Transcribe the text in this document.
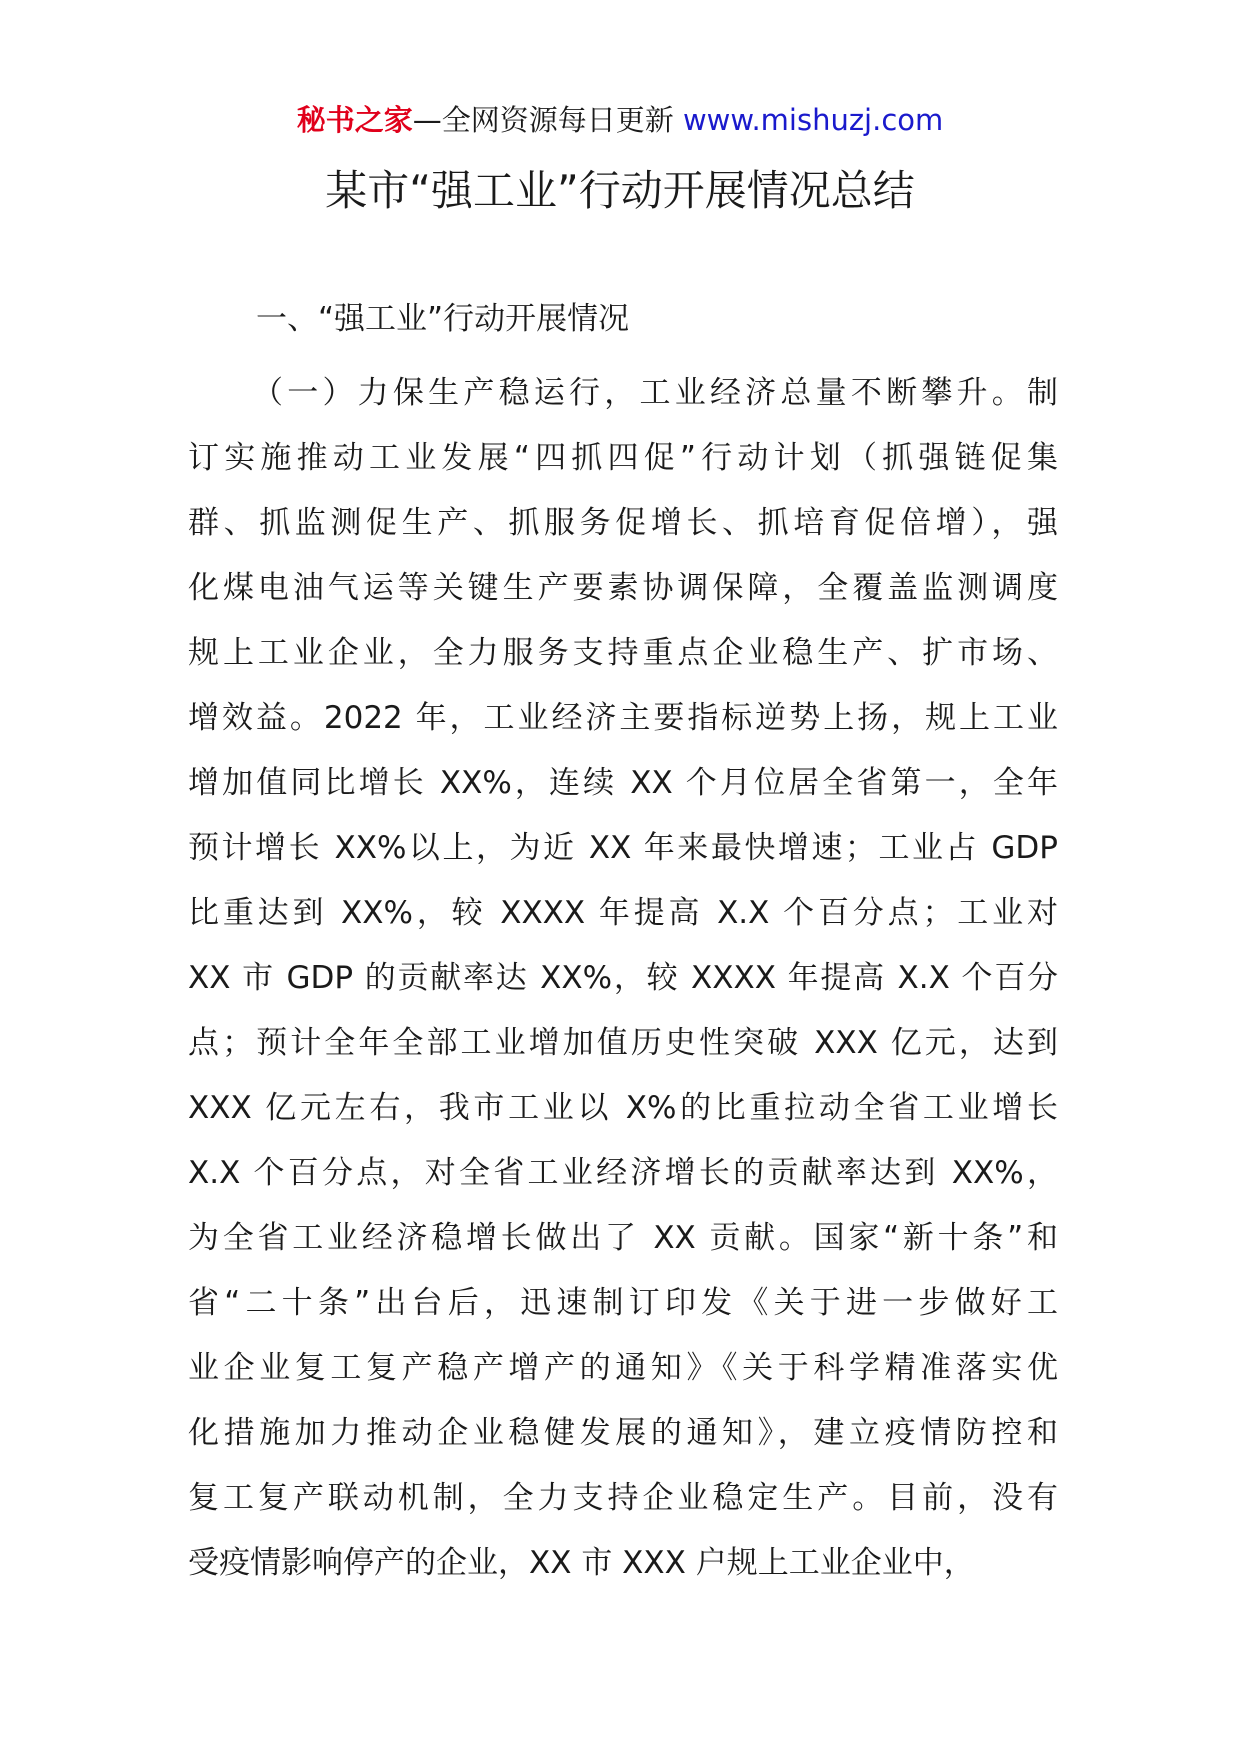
秘书之家—全网资源每日更新 www.mishuzj.com
某市“强工业”行动开展情况总结
一、“强工业”行动开展情况
（一）力保生产稳运行，工业经济总量不断攀升。制
订实施推动工业发展“四抓四促”行动计划（抓强链促集
群、抓监测促生产、抓服务促增长、抓培育促倍增），强
化煤电油气运等关键生产要素协调保障，全覆盖监测调度
规上工业企业，全力服务支持重点企业稳生产、扩市场、
增效益。2022 年，工业经济主要指标逆势上扬，规上工业
增加值同比增长 XX%，连续 XX 个月位居全省第一，全年
预计增长 XX%以上，为近 XX 年来最快增速；工业占 GDP
比重达到 XX%，较 XXXX 年提高 X.X 个百分点；工业对
XX 市 GDP 的贡献率达 XX%，较 XXXX 年提高 X.X 个百分
点；预计全年全部工业增加值历史性突破 XXX 亿元，达到
XXX 亿元左右，我市工业以 X%的比重拉动全省工业增长
X.X 个百分点，对全省工业经济增长的贡献率达到 XX%，
为全省工业经济稳增长做出了 XX 贡献。国家“新十条”和
省“二十条”出台后，迅速制订印发《关于进一步做好工
业企业复工复产稳产增产的通知》《关于科学精准落实优
化措施加力推动企业稳健发展的通知》，建立疫情防控和
复工复产联动机制，全力支持企业稳定生产。目前，没有
受疫情影响停产的企业，XX 市 XXX 户规上工业企业中，
